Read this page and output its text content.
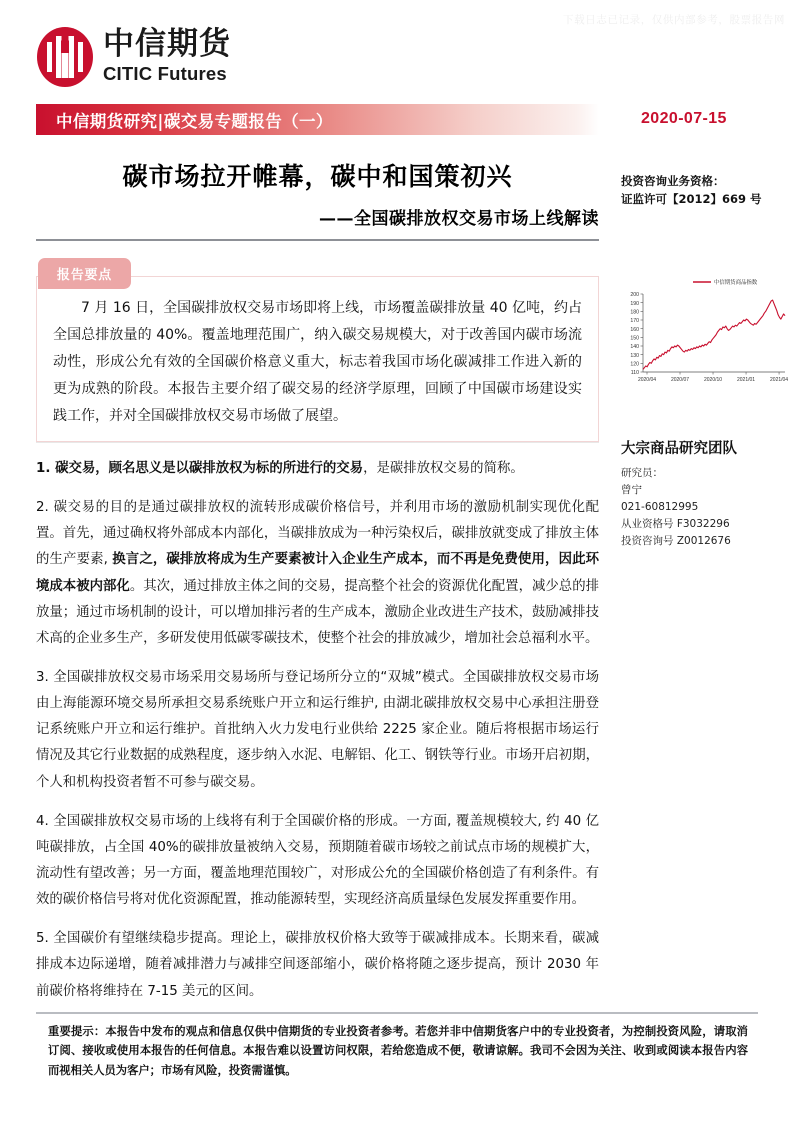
下载日志已记录，仅供内部参考，股票报告网
中信期货
CITIC Futures
中信期货研究|碳交易专题报告（一）	2020-07-15
碳市场拉开帷幕，碳中和国策初兴
——全国碳排放权交易市场上线解读
投资咨询业务资格：
证监许可【2012】669 号
110
120
130
140
150
160
170
180
190
200
2020/04	2020/07	2020/10	2021/01	2021/04
中信期货商品指数
大宗商品研究团队
研究员：
曾宁
021-60812995
从业资格号 F3032296
投资咨询号 Z0012676
报告要点
7 月 16 日，全国碳排放权交易市场即将上线，市场覆盖碳排放量 40 亿吨，约占全国总排放量的 40%。覆盖地理范围广，纳入碳交易规模大，对于改善国内碳市场流动性，形成公允有效的全国碳价格意义重大，标志着我国市场化碳减排工作进入新的更为成熟的阶段。本报告主要介绍了碳交易的经济学原理，回顾了中国碳市场建设实践工作，并对全国碳排放权交易市场做了展望。
1. 碳交易，顾名思义是以碳排放权为标的所进行的交易，是碳排放权交易的简称。
2. 碳交易的目的是通过碳排放权的流转形成碳价格信号，并利用市场的激励机制实现优化配置。首先，通过确权将外部成本内部化，当碳排放成为一种污染权后，碳排放就变成了排放主体的生产要素, 换言之，碳排放将成为生产要素被计入企业生产成本，而不再是免费使用，因此环境成本被内部化。其次，通过排放主体之间的交易，提高整个社会的资源优化配置，减少总的排放量；通过市场机制的设计，可以增加排污者的生产成本，激励企业改进生产技术，鼓励减排技术高的企业多生产，多研发使用低碳零碳技术，使整个社会的排放减少，增加社会总福利水平。
3. 全国碳排放权交易市场采用交易场所与登记场所分立的“双城”模式。全国碳排放权交易市场由上海能源环境交易所承担交易系统账户开立和运行维护, 由湖北碳排放权交易中心承担注册登记系统账户开立和运行维护。首批纳入火力发电行业供给 2225 家企业。随后将根据市场运行情况及其它行业数据的成熟程度，逐步纳入水泥、电解铝、化工、钢铁等行业。市场开启初期，个人和机构投资者暂不可参与碳交易。
4. 全国碳排放权交易市场的上线将有利于全国碳价格的形成。一方面, 覆盖规模较大, 约 40 亿吨碳排放，占全国 40%的碳排放量被纳入交易，预期随着碳市场较之前试点市场的规模扩大，流动性有望改善；另一方面，覆盖地理范围较广，对形成公允的全国碳价格创造了有利条件。有效的碳价格信号将对优化资源配置，推动能源转型，实现经济高质量绿色发展发挥重要作用。
5. 全国碳价有望继续稳步提高。理论上，碳排放权价格大致等于碳减排成本。长期来看，碳减排成本边际递增，随着减排潜力与减排空间逐部缩小，碳价格将随之逐步提高，预计 2030 年前碳价格将维持在 7-15 美元的区间。
重要提示：本报告中发布的观点和信息仅供中信期货的专业投资者参考。若您并非中信期货客户中的专业投资者，为控制投资风险，请取消订阅、接收或使用本报告的任何信息。本报告难以设置访问权限，若给您造成不便，敬请谅解。我司不会因为关注、收到或阅读本报告内容而视相关人员为客户；市场有风险，投资需谨慎。
